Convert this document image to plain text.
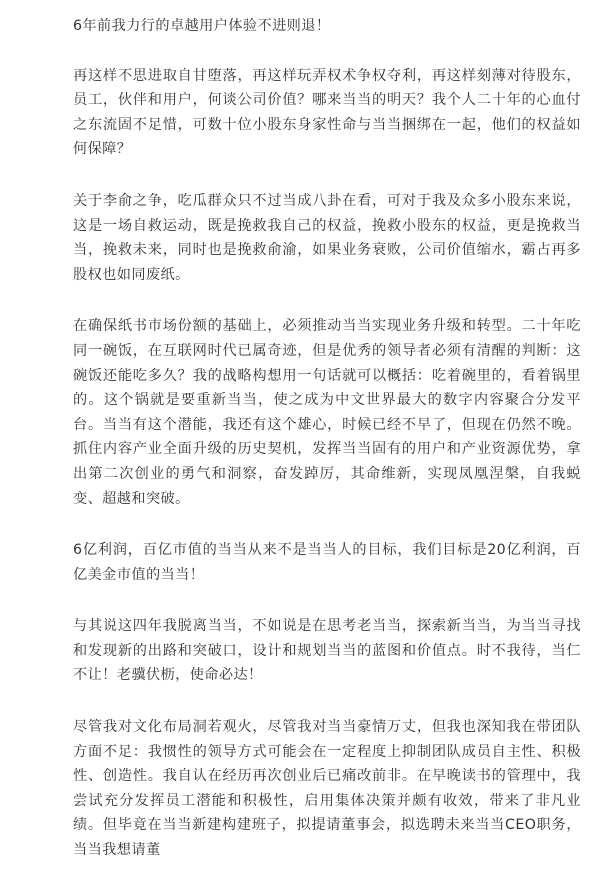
6年前我力行的卓越用户体验不进则退！

再这样不思进取自甘堕落，再这样玩弄权术争权夺利，再这样刻薄对待股东，员工，伙伴和用户，何谈公司价值？哪来当当的明天？我个人二十年的心血付之东流固不足惜，可数十位小股东身家性命与当当捆绑在一起，他们的权益如何保障？

关于李俞之争，吃瓜群众只不过当成八卦在看，可对于我及众多小股东来说，这是一场自救运动，既是挽救我自己的权益，挽救小股东的权益，更是挽救当当，挽救未来，同时也是挽救俞渝，如果业务衰败，公司价值缩水，霸占再多股权也如同废纸。

在确保纸书市场份额的基础上，必须推动当当实现业务升级和转型。二十年吃同一碗饭，在互联网时代已属奇迹，但是优秀的领导者必须有清醒的判断：这碗饭还能吃多久？我的战略构想用一句话就可以概括：吃着碗里的，看着锅里的。这个锅就是要重新当当，使之成为中文世界最大的数字内容聚合分发平台。当当有这个潜能，我还有这个雄心，时候已经不早了，但现在仍然不晚。抓住内容产业全面升级的历史契机，发挥当当固有的用户和产业资源优势，拿出第二次创业的勇气和洞察，奋发踔厉，其命维新，实现凤凰涅槃，自我蜕变、超越和突破。

6亿利润，百亿市值的当当从来不是当当人的目标，我们目标是20亿利润，百亿美金市值的当当！

与其说这四年我脱离当当，不如说是在思考老当当，探索新当当，为当当寻找和发现新的出路和突破口，设计和规划当当的蓝图和价值点。时不我待，当仁不让！老骥伏枥，使命必达！

尽管我对文化布局洞若观火，尽管我对当当豪情万丈，但我也深知我在带团队方面不足：我惯性的领导方式可能会在一定程度上抑制团队成员自主性、积极性、创造性。我自认在经历再次创业后已痛改前非。在早晚读书的管理中，我尝试充分发挥员工潜能和积极性，启用集体决策并颇有收效，带来了非凡业绩。但毕竟在当当新建构建班子，拟提请董事会，拟选聘未来当当CEO职务，当当我想请董
